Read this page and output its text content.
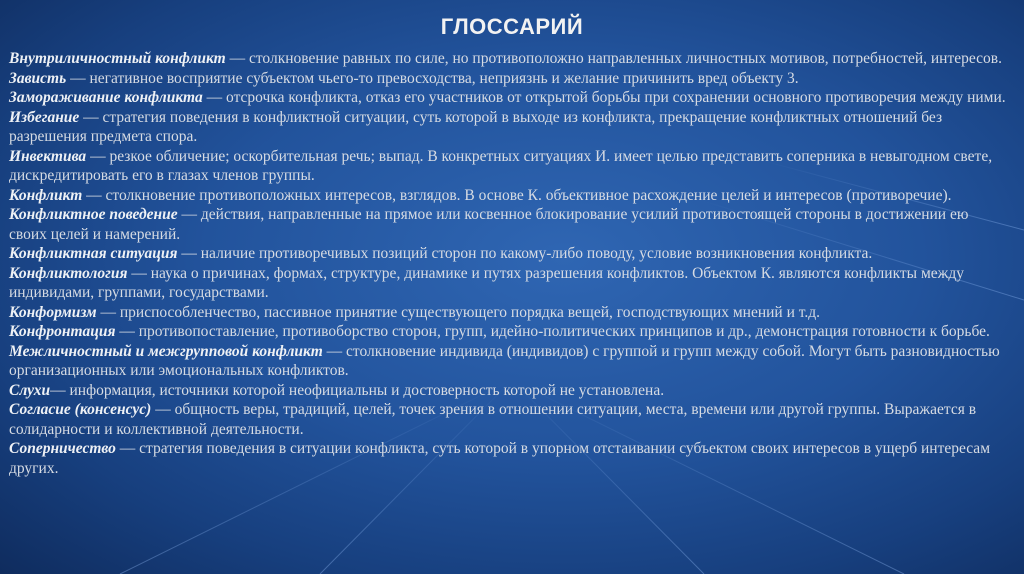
ГЛОССАРИЙ
Внутриличностный конфликт — столкновение равных по силе, но противоположно направленных личностных мотивов, потребностей, интересов.
Зависть — негативное восприятие субъектом чьего-то превосходства, неприязнь и желание причинить вред объекту 3.
Замораживание конфликта — отсрочка конфликта, отказ его участников от открытой борьбы при сохранении основного противоречия между ними.
Избегание — стратегия поведения в конфликтной ситуации, суть которой в выходе из конфликта, прекращение конфликтных отношений без разрешения предмета спора.
Инвектива — резкое обличение; оскорбительная речь; выпад. В конкретных ситуациях И. имеет целью представить соперника в невыгодном свете, дискредитировать его в глазах членов группы.
Конфликт — столкновение противоположных интересов, взглядов. В основе К. объективное расхождение целей и интересов (противоречие).
Конфликтное поведение — действия, направленные на прямое или косвенное блокирование усилий противостоящей стороны в достижении ею своих целей и намерений.
Конфликтная ситуация — наличие противоречивых позиций сторон по какому-либо поводу, условие возникновения конфликта.
Конфликтология — наука о причинах, формах, структуре, динамике и путях разрешения конфликтов. Объектом К. являются конфликты между индивидами, группами, государствами.
Конформизм — приспособленчество, пассивное принятие существующего порядка вещей, господствующих мнений и т.д.
Конфронтация — противопоставление, противоборство сторон, групп, идейно-политических принципов и др., демонстрация готовности к борьбе. Межличностный и межгрупповой конфликт — столкновение индивида (индивидов) с группой и групп между собой. Могут быть разновидностью организационных или эмоциональных конфликтов.
Слухи— информация, источники которой неофициальны и достоверность которой не установлена.
Согласие (консенсус) — общность веры, традиций, целей, точек зрения в отношении ситуации, места, времени или другой группы. Выражается в солидарности и коллективной деятельности.
Соперничество — стратегия поведения в ситуации конфликта, суть которой в упорном отстаивании субъектом своих интересов в ущерб интересам других.
